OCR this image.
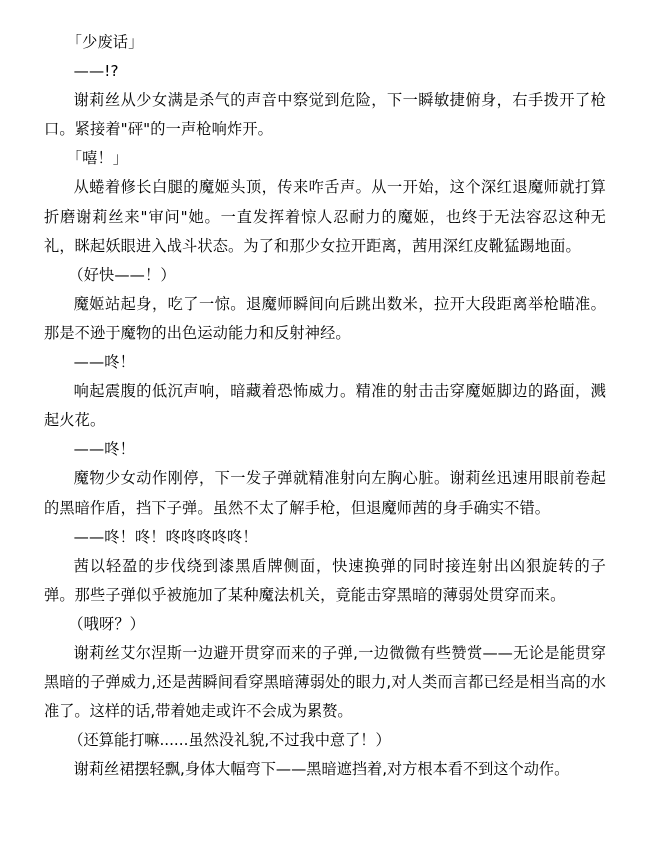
「少废话」

——!?

谢莉丝从少女满是杀气的声音中察觉到危险，下一瞬敏捷俯身，右手拨开了枪口。紧接着"砰"的一声枪响炸开。

「嘻！」

从蜷着修长白腿的魔姬头顶，传来咋舌声。从一开始，这个深红退魔师就打算折磨谢莉丝来"审问"她。一直发挥着惊人忍耐力的魔姬，也终于无法容忍这种无礼，眯起妖眼进入战斗状态。为了和那少女拉开距离，茜用深红皮靴猛踢地面。

（好快——！）

魔姬站起身，吃了一惊。退魔师瞬间向后跳出数米，拉开大段距离举枪瞄准。那是不逊于魔物的出色运动能力和反射神经。

——咚！

响起震腹的低沉声响，暗藏着恐怖威力。精准的射击击穿魔姬脚边的路面，溅起火花。

——咚！

魔物少女动作刚停，下一发子弹就精准射向左胸心脏。谢莉丝迅速用眼前卷起的黑暗作盾，挡下子弹。虽然不太了解手枪，但退魔师茜的身手确实不错。

——咚！咚！咚咚咚咚咚！

茜以轻盈的步伐绕到漆黑盾牌侧面，快速换弹的同时接连射出凶狠旋转的子弹。那些子弹似乎被施加了某种魔法机关，竟能击穿黑暗的薄弱处贯穿而来。

（哦呀？）

谢莉丝艾尔涅斯一边避开贯穿而来的子弹,一边微微有些赞赏——无论是能贯穿黑暗的子弹威力,还是茜瞬间看穿黑暗薄弱处的眼力,对人类而言都已经是相当高的水准了。这样的话,带着她走或许不会成为累赘。

（还算能打嘛......虽然没礼貌,不过我中意了！）

谢莉丝裙摆轻飘,身体大幅弯下——黑暗遮挡着,对方根本看不到这个动作。
